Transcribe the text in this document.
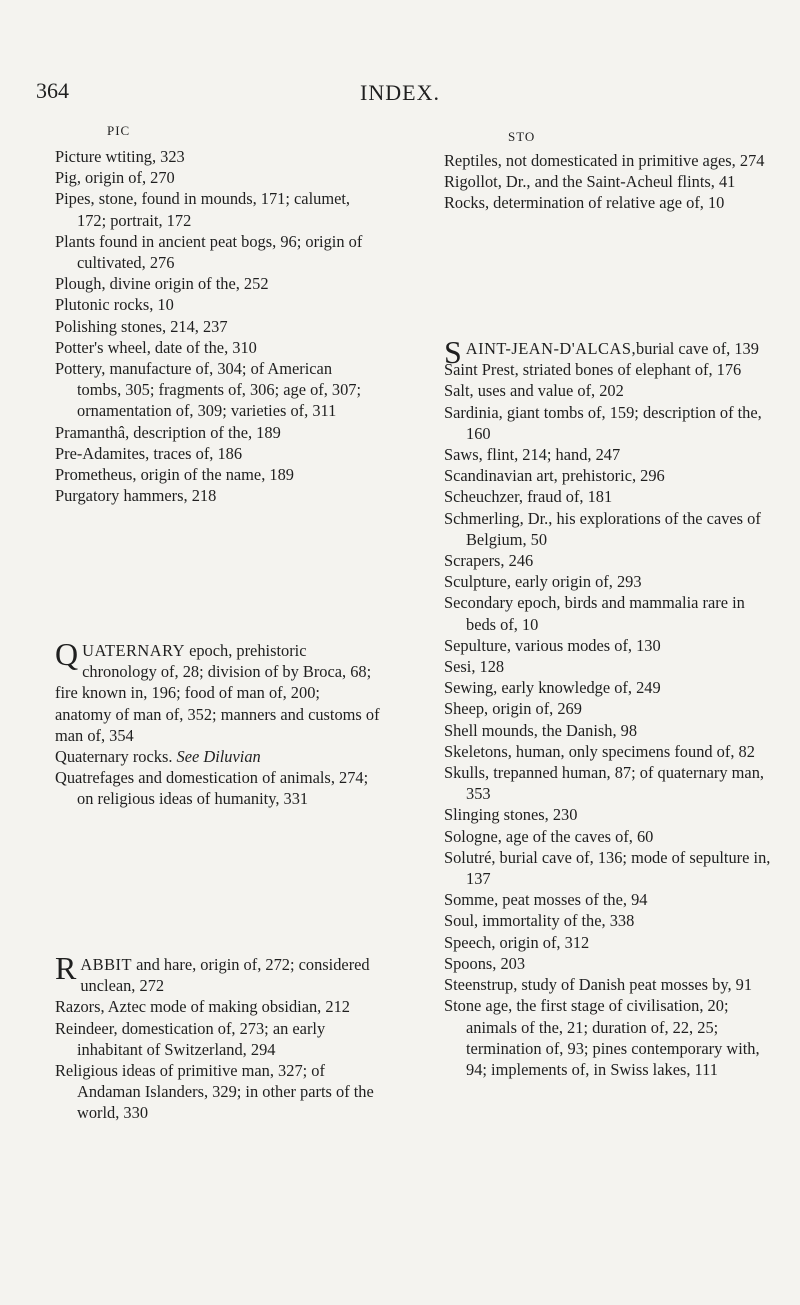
364	INDEX.
PIC

Picture wtiting, 323

Pig, origin of, 270

Pipes, stone, found in mounds, 171; calumet, 172; portrait, 172

Plants found in ancient peat bogs, 96; origin of cultivated, 276

Plough, divine origin of the, 252

Plutonic rocks, 10

Polishing stones, 214, 237

Potter's wheel, date of the, 310

Pottery, manufacture of, 304; of American tombs, 305; fragments of, 306; age of, 307; ornamentation of, 309; varieties of, 311

Pramanthâ, description of the, 189

Pre-Adamites, traces of, 186

Prometheus, origin of the name, 189

Purgatory hammers, 218

QUATERNARY epoch, prehistoric chronology of, 28; division of by Broca, 68; fire known in, 196; food of man of, 200; anatomy of man of, 352; manners and customs of man of, 354

Quaternary rocks. See Diluvian

Quatrefages and domestication of animals, 274; on religious ideas of humanity, 331

RABBIT and hare, origin of, 272; considered unclean, 272

Razors, Aztec mode of making obsidian, 212

Reindeer, domestication of, 273; an early inhabitant of Switzerland, 294

Religious ideas of primitive man, 327; of Andaman Islanders, 329; in other parts of the world, 330

STO

Reptiles, not domesticated in primitive ages, 274

Rigollot, Dr., and the Saint-Acheul flints, 41

Rocks, determination of relative age of, 10

SAINT-JEAN-D'ALCAS,burial cave of, 139

Saint Prest, striated bones of elephant of, 176

Salt, uses and value of, 202

Sardinia, giant tombs of, 159; description of the, 160

Saws, flint, 214; hand, 247

Scandinavian art, prehistoric, 296

Scheuchzer, fraud of, 181

Schmerling, Dr., his explorations of the caves of Belgium, 50

Scrapers, 246

Sculpture, early origin of, 293

Secondary epoch, birds and mammalia rare in beds of, 10

Sepulture, various modes of, 130

Sesi, 128

Sewing, early knowledge of, 249

Sheep, origin of, 269

Shell mounds, the Danish, 98

Skeletons, human, only specimens found of, 82

Skulls, trepanned human, 87; of quaternary man, 353

Slinging stones, 230

Sologne, age of the caves of, 60

Solutré, burial cave of, 136; mode of sepulture in, 137

Somme, peat mosses of the, 94

Soul, immortality of the, 338

Speech, origin of, 312

Spoons, 203

Steenstrup, study of Danish peat mosses by, 91

Stone age, the first stage of civilisation, 20; animals of the, 21; duration of, 22, 25; termination of, 93; pines contemporary with, 94; implements of, in Swiss lakes, 111
